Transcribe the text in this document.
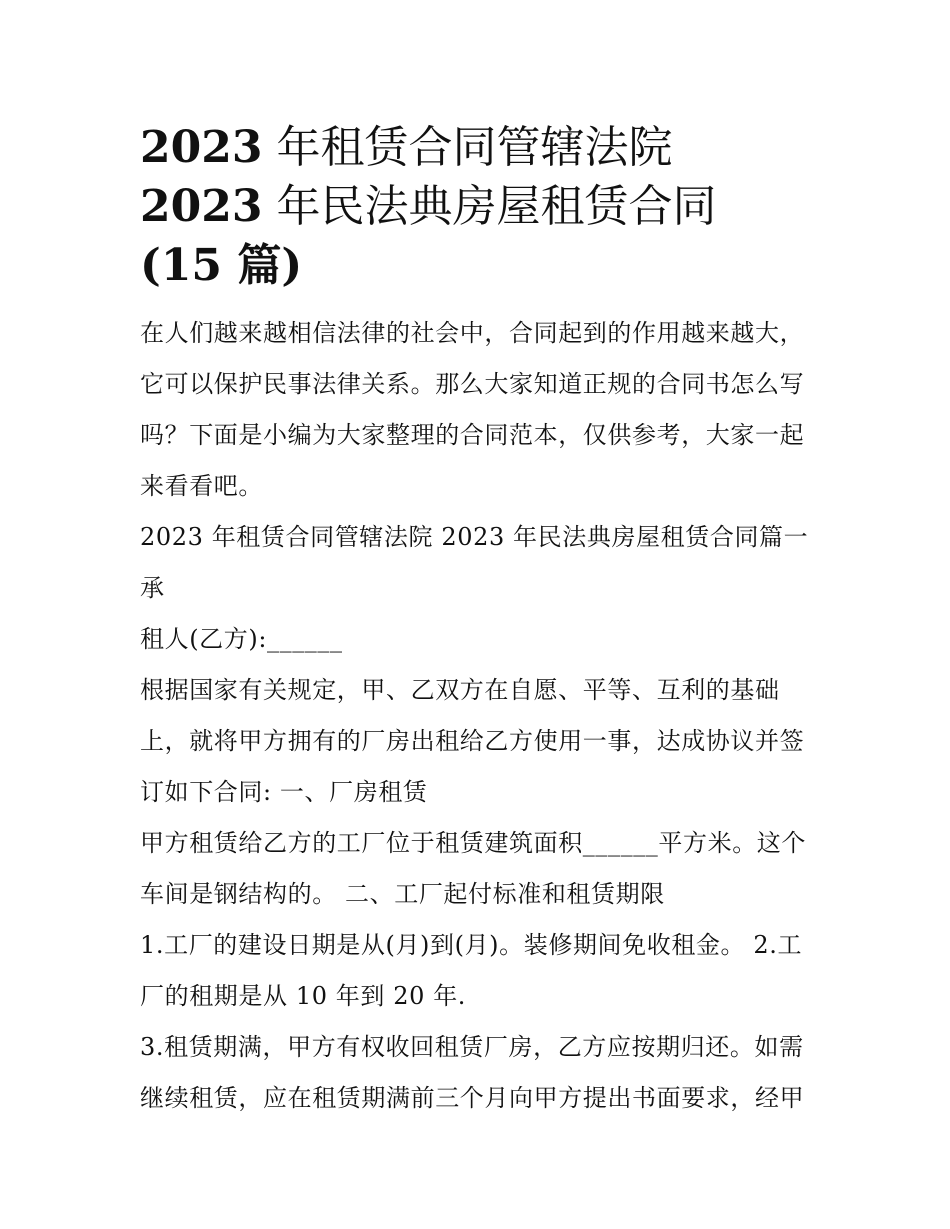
2023 年租赁合同管辖法院
2023 年民法典房屋租赁合同
(15 篇)
在人们越来越相信法律的社会中，合同起到的作用越来越大，
它可以保护民事法律关系。那么大家知道正规的合同书怎么写
吗？下面是小编为大家整理的合同范本，仅供参考，大家一起
来看看吧。
2023 年租赁合同管辖法院 2023 年民法典房屋租赁合同篇一 承
租人(乙方):______
根据国家有关规定，甲、乙双方在自愿、平等、互利的基础
上，就将甲方拥有的厂房出租给乙方使用一事，达成协议并签
订如下合同: 一、厂房租赁
甲方租赁给乙方的工厂位于租赁建筑面积______平方米。这个
车间是钢结构的。 二、工厂起付标准和租赁期限
1.工厂的建设日期是从(月)到(月)。装修期间免收租金。 2.工
厂的租期是从 10 年到 20 年.
3.租赁期满，甲方有权收回租赁厂房，乙方应按期归还。如需
继续租赁，应在租赁期满前三个月向甲方提出书面要求，经甲
